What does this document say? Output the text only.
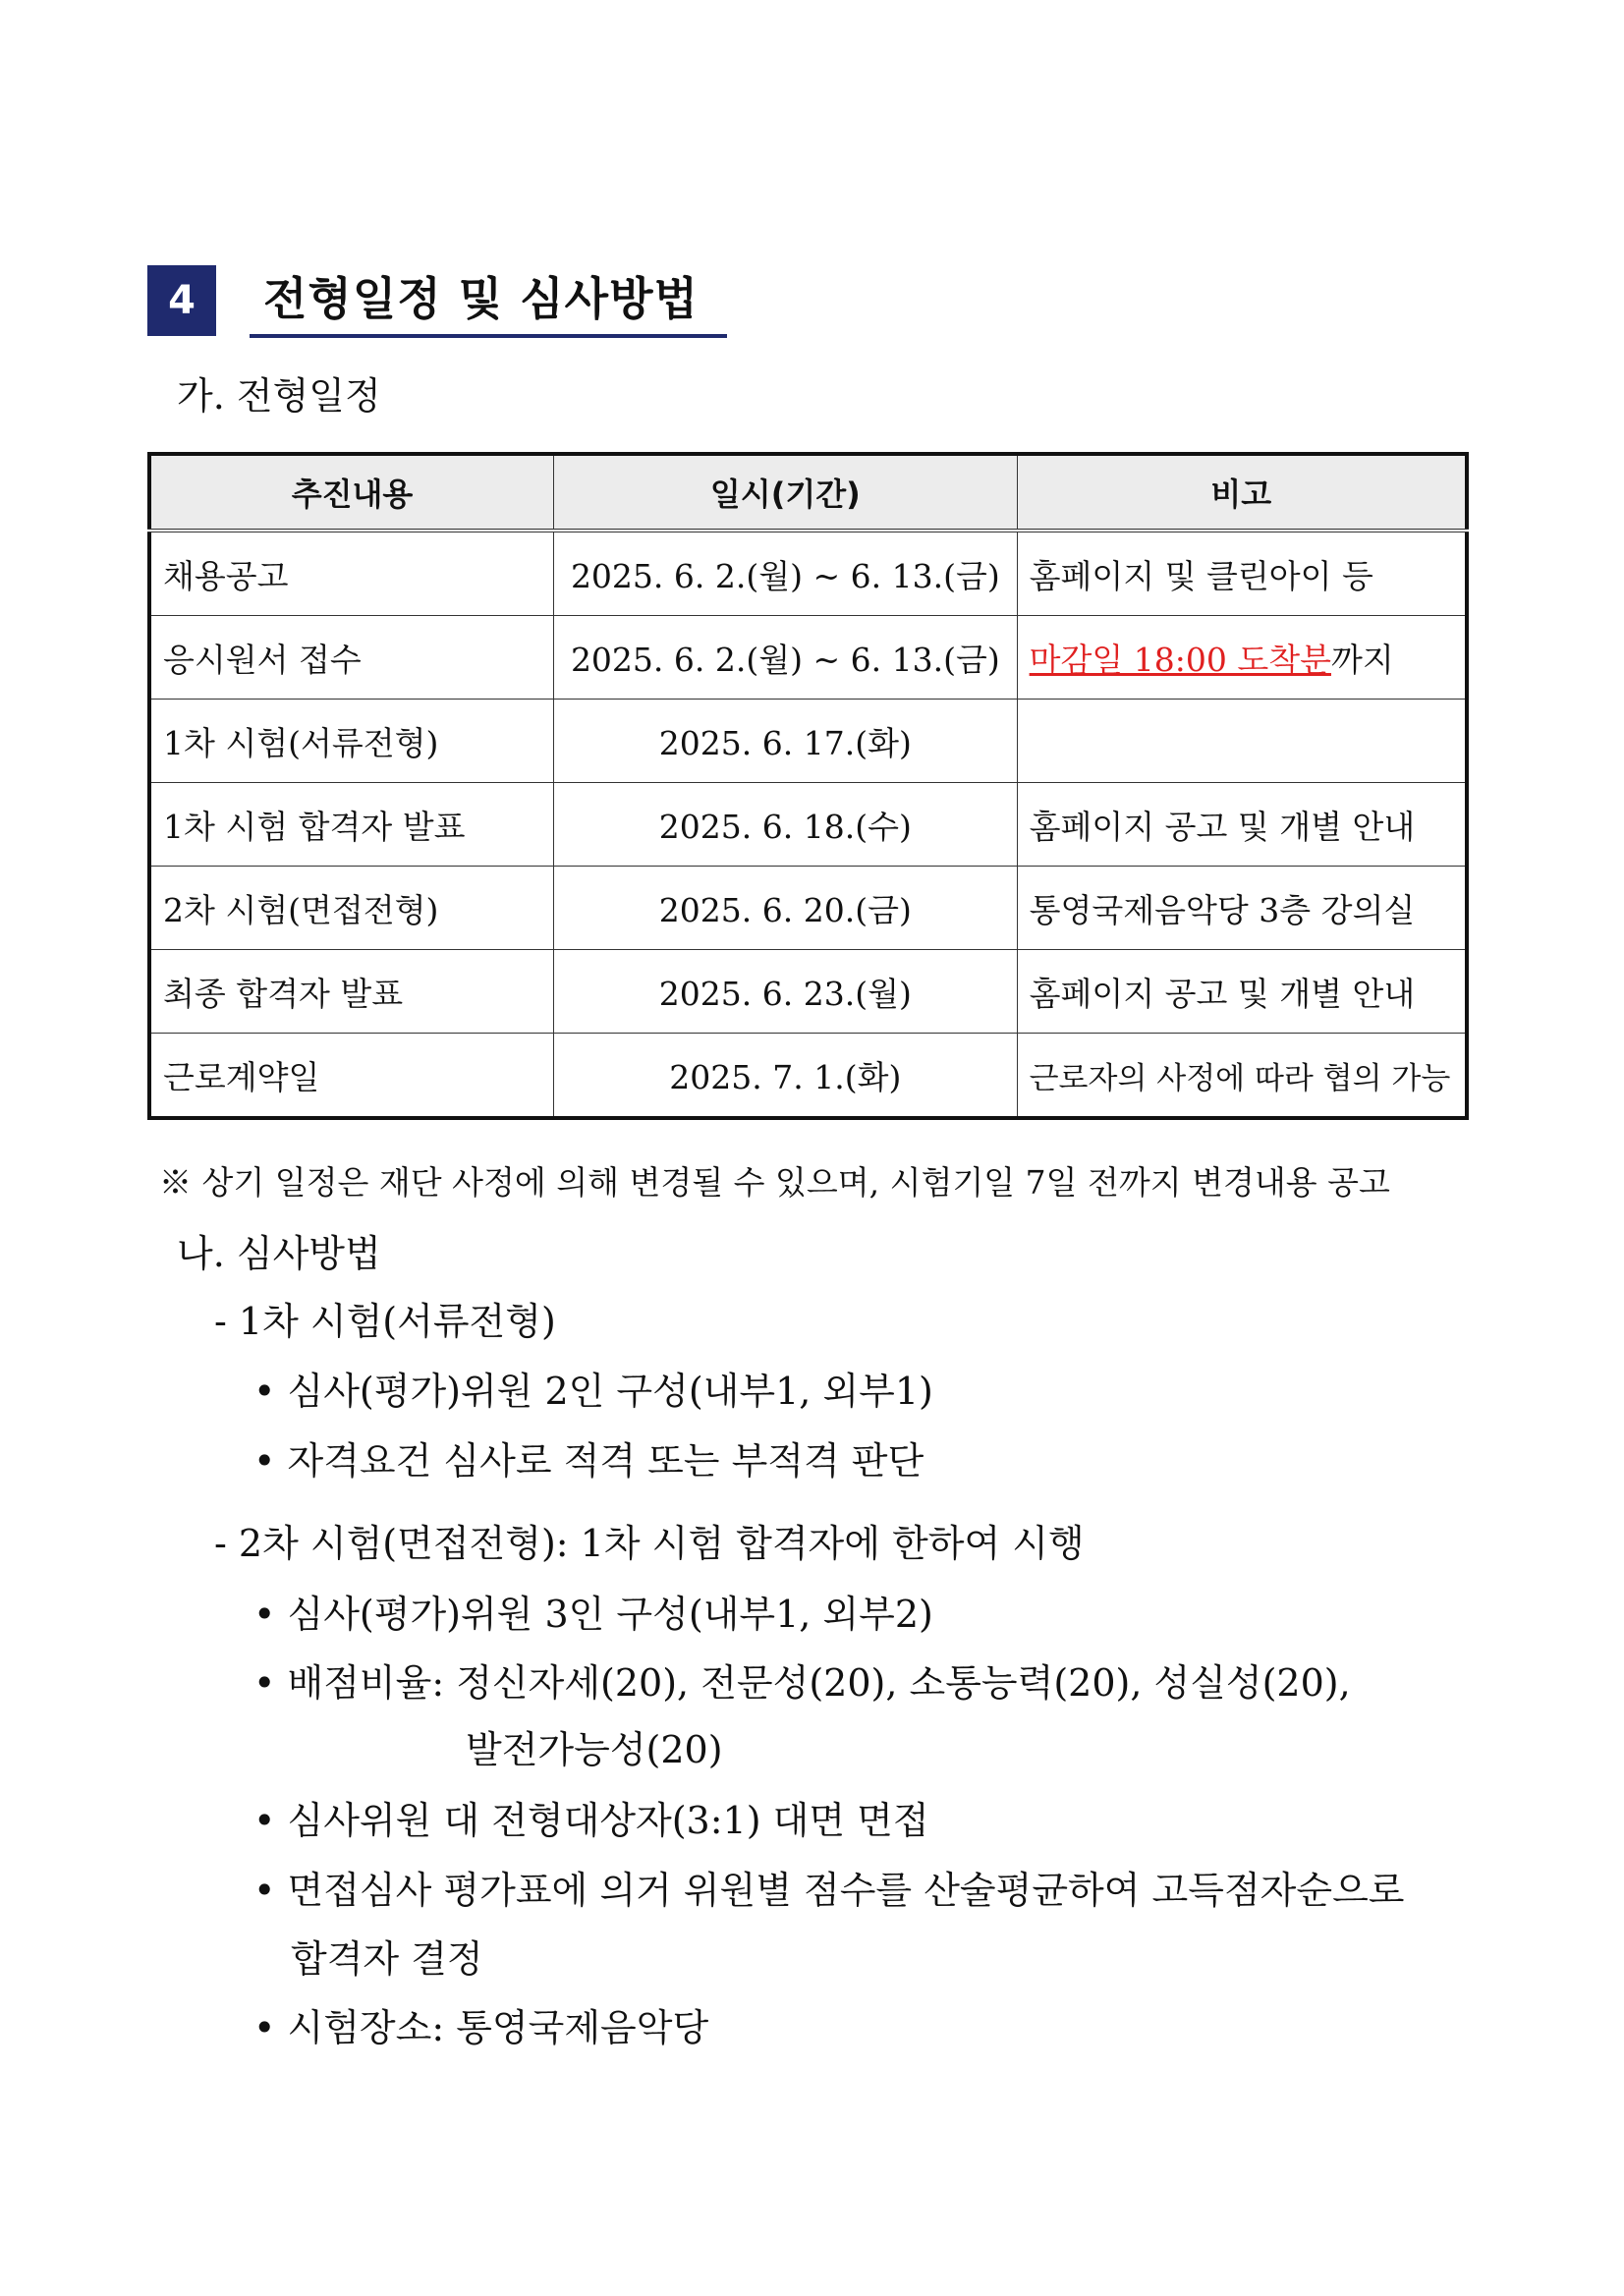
4	전형일정 및 심사방법
가. 전형일정
추진내용	일시(기간)	비고
채용공고	2025. 6. 2.(월) ~ 6. 13.(금)	홈페이지 및 클린아이 등
응시원서 접수	2025. 6. 2.(월) ~ 6. 13.(금)	마감일 18:00 도착분까지
1차 시험(서류전형)	2025. 6. 17.(화)	
1차 시험 합격자 발표	2025. 6. 18.(수)	홈페이지 공고 및 개별 안내
2차 시험(면접전형)	2025. 6. 20.(금)	통영국제음악당 3층 강의실
최종 합격자 발표	2025. 6. 23.(월)	홈페이지 공고 및 개별 안내
근로계약일	2025. 7. 1.(화)	근로자의 사정에 따라 협의 가능
※ 상기 일정은 재단 사정에 의해 변경될 수 있으며, 시험기일 7일 전까지 변경내용 공고
나. 심사방법
- 1차 시험(서류전형)
• 심사(평가)위원 2인 구성(내부1, 외부1)
• 자격요건 심사로 적격 또는 부적격 판단
- 2차 시험(면접전형): 1차 시험 합격자에 한하여 시행
• 심사(평가)위원 3인 구성(내부1, 외부2)
• 배점비율: 정신자세(20), 전문성(20), 소통능력(20), 성실성(20),
발전가능성(20)
• 심사위원 대 전형대상자(3:1) 대면 면접
• 면접심사 평가표에 의거 위원별 점수를 산술평균하여 고득점자순으로
합격자 결정
• 시험장소: 통영국제음악당
